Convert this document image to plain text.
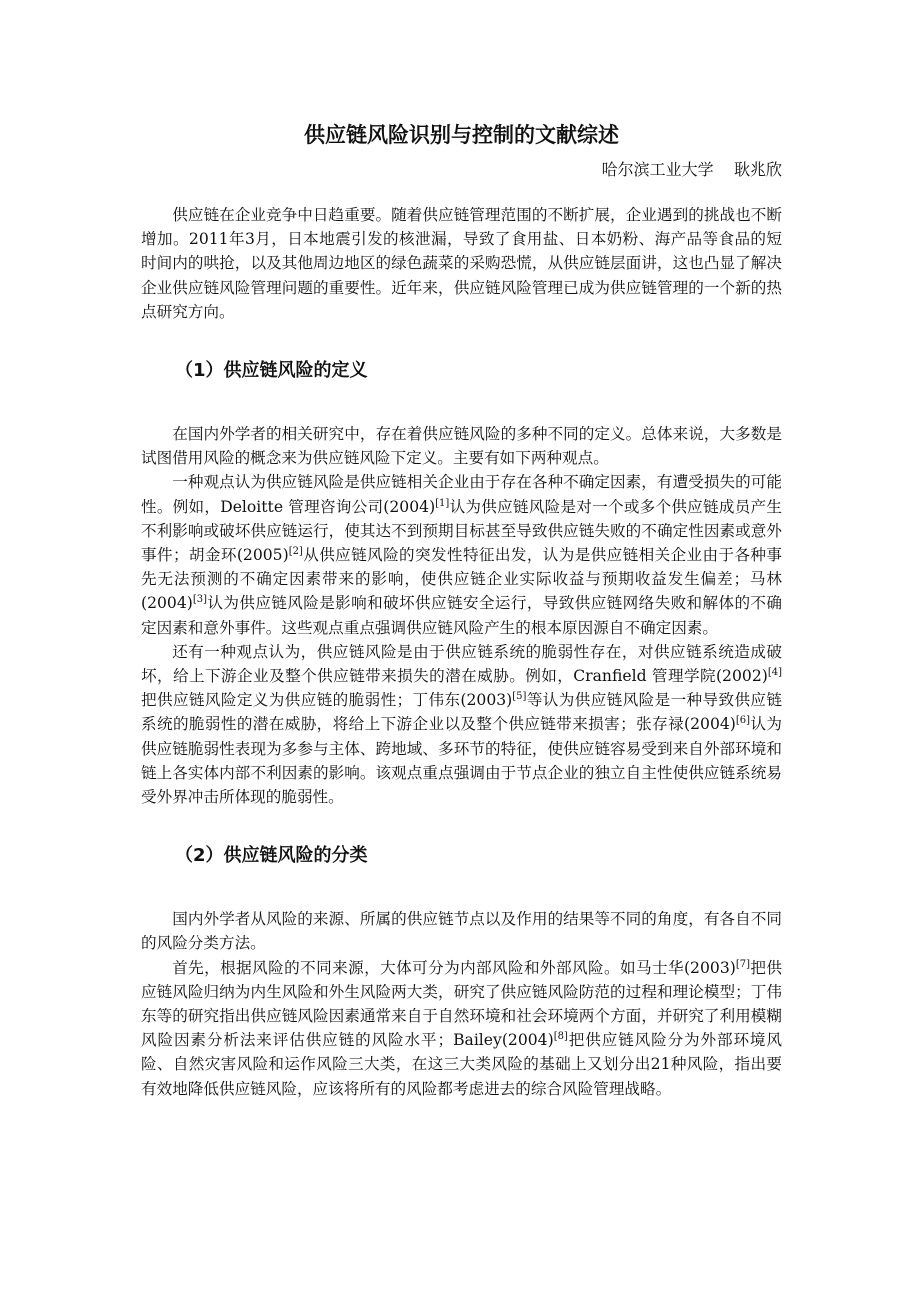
供应链风险识别与控制的文献综述
哈尔滨工业大学    耿兆欣

供应链在企业竞争中日趋重要。随着供应链管理范围的不断扩展，企业遇到的挑战也不断增加。2011年3月，日本地震引发的核泄漏，导致了食用盐、日本奶粉、海产品等食品的短时间内的哄抢，以及其他周边地区的绿色蔬菜的采购恐慌，从供应链层面讲，这也凸显了解决企业供应链风险管理问题的重要性。近年来，供应链风险管理已成为供应链管理的一个新的热点研究方向。

（1）供应链风险的定义

在国内外学者的相关研究中，存在着供应链风险的多种不同的定义。总体来说，大多数是试图借用风险的概念来为供应链风险下定义。主要有如下两种观点。

一种观点认为供应链风险是供应链相关企业由于存在各种不确定因素，有遭受损失的可能性。例如，Deloitte 管理咨询公司(2004)[1]认为供应链风险是对一个或多个供应链成员产生不利影响或破坏供应链运行，使其达不到预期目标甚至导致供应链失败的不确定性因素或意外事件；胡金环(2005)[2]从供应链风险的突发性特征出发，认为是供应链相关企业由于各种事先无法预测的不确定因素带来的影响，使供应链企业实际收益与预期收益发生偏差；马林(2004)[3]认为供应链风险是影响和破坏供应链安全运行，导致供应链网络失败和解体的不确定因素和意外事件。这些观点重点强调供应链风险产生的根本原因源自不确定因素。

还有一种观点认为，供应链风险是由于供应链系统的脆弱性存在，对供应链系统造成破坏，给上下游企业及整个供应链带来损失的潜在威胁。例如，Cranfield 管理学院(2002)[4]把供应链风险定义为供应链的脆弱性；丁伟东(2003)[5]等认为供应链风险是一种导致供应链系统的脆弱性的潜在威胁，将给上下游企业以及整个供应链带来损害；张存禄(2004)[6]认为供应链脆弱性表现为多参与主体、跨地域、多环节的特征，使供应链容易受到来自外部环境和链上各实体内部不利因素的影响。该观点重点强调由于节点企业的独立自主性使供应链系统易受外界冲击所体现的脆弱性。

（2）供应链风险的分类

国内外学者从风险的来源、所属的供应链节点以及作用的结果等不同的角度，有各自不同的风险分类方法。

首先，根据风险的不同来源，大体可分为内部风险和外部风险。如马士华(2003)[7]把供应链风险归纳为内生风险和外生风险两大类，研究了供应链风险防范的过程和理论模型；丁伟东等的研究指出供应链风险因素通常来自于自然环境和社会环境两个方面，并研究了利用模糊风险因素分析法来评估供应链的风险水平；Bailey(2004)[8]把供应链风险分为外部环境风险、自然灾害风险和运作风险三大类，在这三大类风险的基础上又划分出21种风险，指出要有效地降低供应链风险，应该将所有的风险都考虑进去的综合风险管理战略。
